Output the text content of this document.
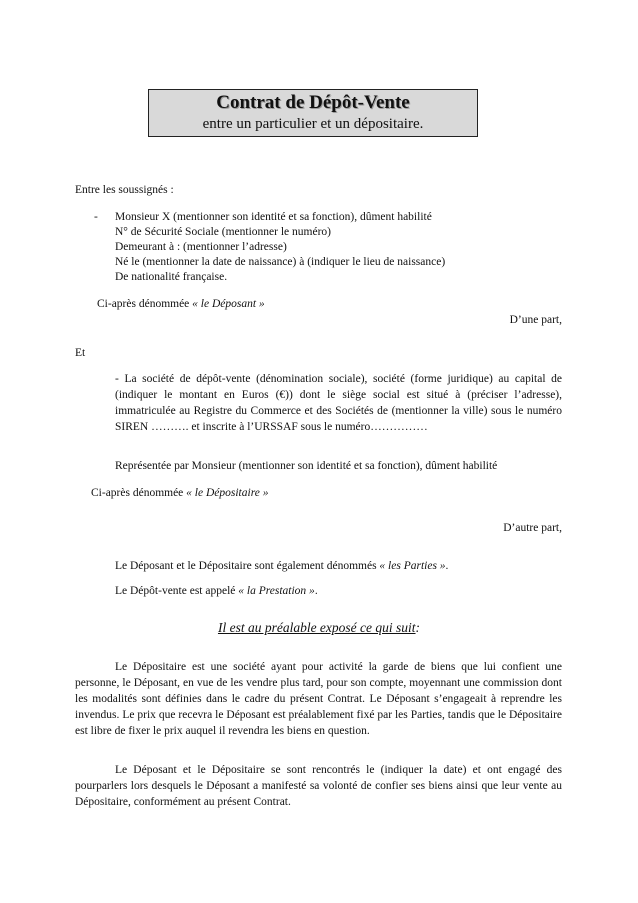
Contrat de Dépôt-Vente
entre un particulier et un dépositaire.
Entre les soussignés :
- Monsieur X (mentionner son identité et sa fonction), dûment habilité
N° de Sécurité Sociale (mentionner le numéro)
Demeurant à : (mentionner l’adresse)
Né le (mentionner la date de naissance) à (indiquer le lieu de naissance)
De nationalité française.
Ci-après dénommée « le Déposant »
D’une part,
Et
- La société de dépôt-vente (dénomination sociale), société (forme juridique) au capital de (indiquer le montant en Euros (€)) dont le siège social est situé à (préciser l’adresse), immatriculée au Registre du Commerce et des Sociétés de (mentionner la ville) sous le numéro SIREN ………. et inscrite à l’URSSAF sous le numéro……………
Représentée par Monsieur (mentionner son identité et sa fonction), dûment habilité
Ci-après dénommée « le Dépositaire »
D’autre part,
Le Déposant et le Dépositaire sont également dénommés « les Parties ».
Le Dépôt-vente est appelé « la Prestation ».
Il est au préalable exposé ce qui suit:
Le Dépositaire est une société ayant pour activité la garde de biens que lui confient une personne, le Déposant, en vue de les vendre plus tard, pour son compte, moyennant une commission dont les modalités sont définies dans le cadre du présent Contrat. Le Déposant s’engageait à reprendre les invendus. Le prix que recevra le Déposant est préalablement fixé par les Parties, tandis que le Dépositaire est libre de fixer le prix auquel il revendra les biens en question.
Le Déposant et le Dépositaire se sont rencontrés le (indiquer la date) et ont engagé des pourparlers lors desquels le Déposant a manifesté sa volonté de confier ses biens ainsi que leur vente au Dépositaire, conformément au présent Contrat.
